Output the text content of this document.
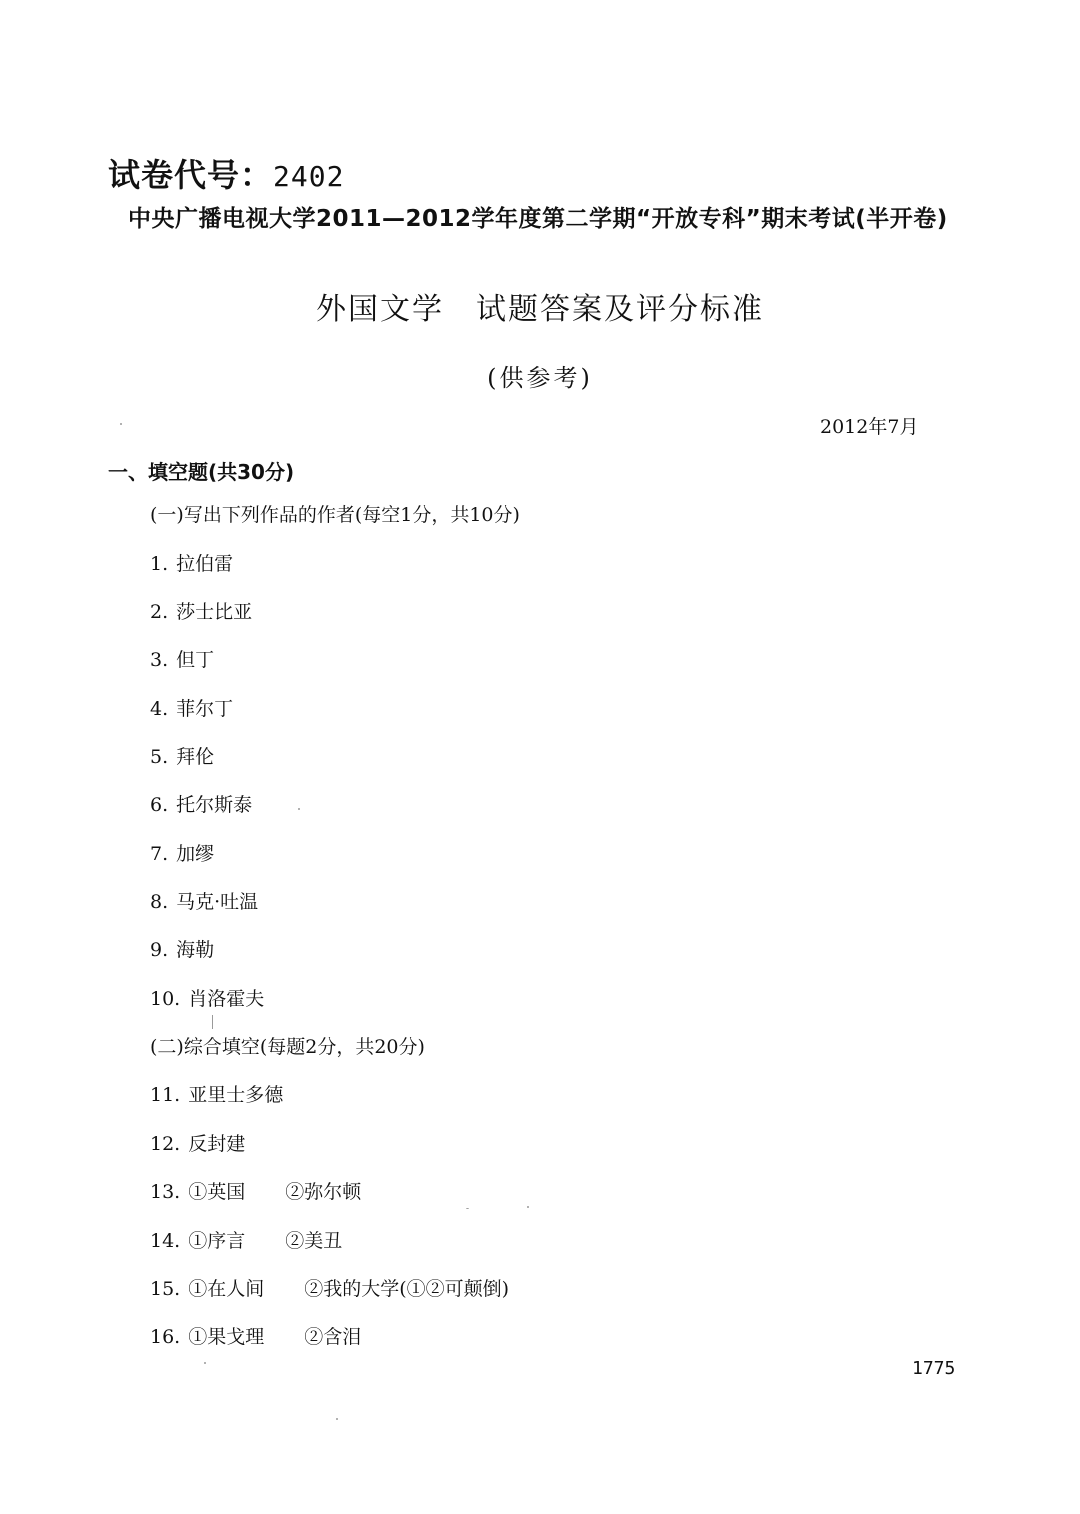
试卷代号：2402
中央广播电视大学2011—2012学年度第二学期“开放专科”期末考试(半开卷)
外国文学　试题答案及评分标准
(供参考)
2012年7月
一、填空题(共30分)
(一)写出下列作品的作者(每空1分，共10分)
1. 拉伯雷
2. 莎士比亚
3. 但丁
4. 菲尔丁
5. 拜伦
6. 托尔斯泰
7. 加缪
8. 马克·吐温
9. 海勒
10. 肖洛霍夫
(二)综合填空(每题2分，共20分)
11. 亚里士多德
12. 反封建
13. ①英国 ②弥尔顿
14. ①序言 ②美丑
15. ①在人间 ②我的大学(①②可颠倒)
16. ①果戈理 ②含泪
1775
